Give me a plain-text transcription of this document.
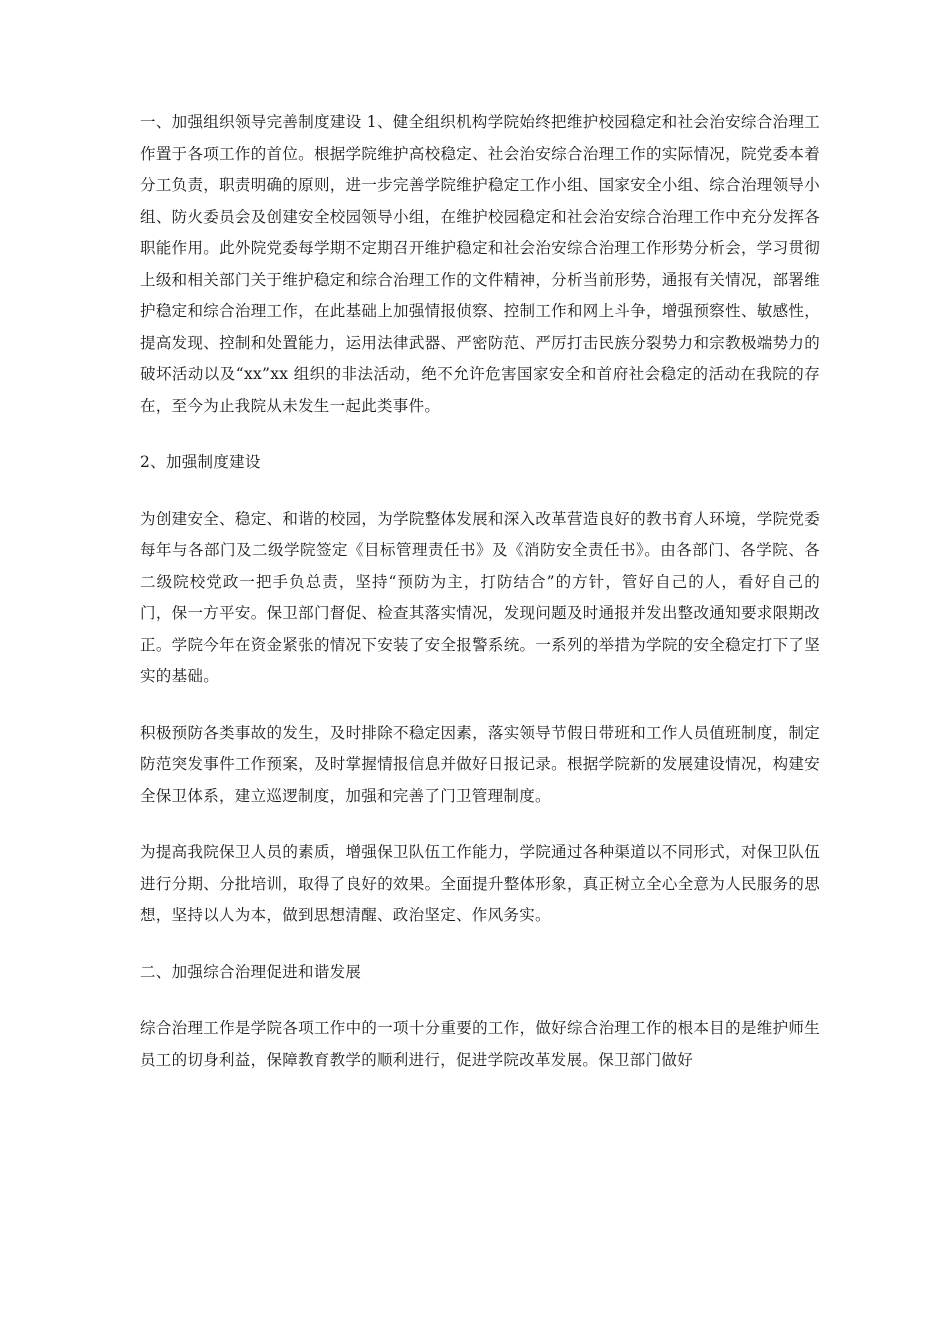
一、加强组织领导完善制度建设 1、健全组织机构学院始终把维护校园稳定和社会治安综合治理工作置于各项工作的首位。根据学院维护高校稳定、社会治安综合治理工作的实际情况，院党委本着分工负责，职责明确的原则，进一步完善学院维护稳定工作小组、国家安全小组、综合治理领导小组、防火委员会及创建安全校园领导小组，在维护校园稳定和社会治安综合治理工作中充分发挥各职能作用。此外院党委每学期不定期召开维护稳定和社会治安综合治理工作形势分析会，学习贯彻上级和相关部门关于维护稳定和综合治理工作的文件精神，分析当前形势，通报有关情况，部署维护稳定和综合治理工作，在此基础上加强情报侦察、控制工作和网上斗争，增强预察性、敏感性，提高发现、控制和处置能力，运用法律武器、严密防范、严厉打击民族分裂势力和宗教极端势力的破坏活动以及“xx”xx 组织的非法活动，绝不允许危害国家安全和首府社会稳定的活动在我院的存在，至今为止我院从未发生一起此类事件。

2、加强制度建设

为创建安全、稳定、和谐的校园，为学院整体发展和深入改革营造良好的教书育人环境，学院党委每年与各部门及二级学院签定《目标管理责任书》及《消防安全责任书》。由各部门、各学院、各二级院校党政一把手负总责，坚持“预防为主，打防结合”的方针，管好自己的人，看好自己的门，保一方平安。保卫部门督促、检查其落实情况，发现问题及时通报并发出整改通知要求限期改正。学院今年在资金紧张的情况下安装了安全报警系统。一系列的举措为学院的安全稳定打下了坚实的基础。

积极预防各类事故的发生，及时排除不稳定因素，落实领导节假日带班和工作人员值班制度，制定防范突发事件工作预案，及时掌握情报信息并做好日报记录。根据学院新的发展建设情况，构建安全保卫体系，建立巡逻制度，加强和完善了门卫管理制度。

为提高我院保卫人员的素质，增强保卫队伍工作能力，学院通过各种渠道以不同形式，对保卫队伍进行分期、分批培训，取得了良好的效果。全面提升整体形象，真正树立全心全意为人民服务的思想，坚持以人为本，做到思想清醒、政治坚定、作风务实。

二、加强综合治理促进和谐发展

综合治理工作是学院各项工作中的一项十分重要的工作，做好综合治理工作的根本目的是维护师生员工的切身利益，保障教育教学的顺利进行，促进学院改革发展。保卫部门做好
